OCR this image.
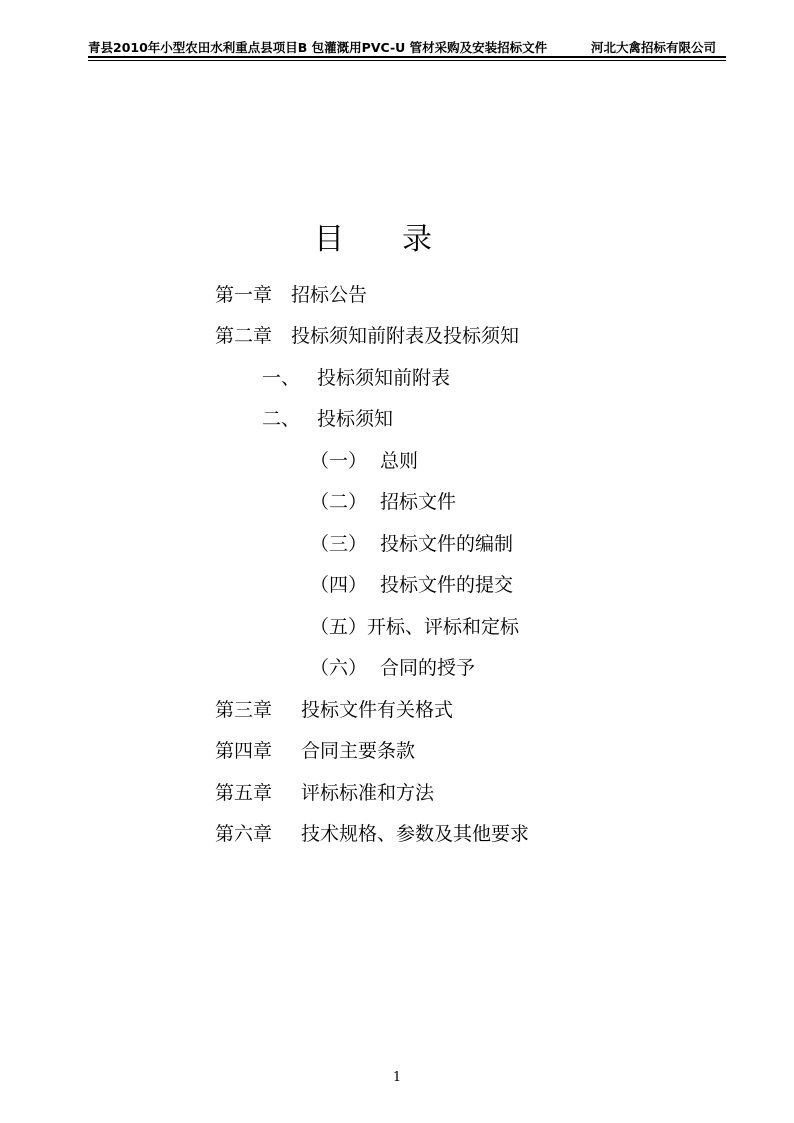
青县2010年小型农田水利重点县项目B 包灌溉用PVC-U 管材采购及安装招标文件	河北大禽招标有限公司
目录
第一章 招标公告
第二章 投标须知前附表及投标须知
一、 投标须知前附表
二、 投标须知
（一） 总则
（二） 招标文件
（三） 投标文件的编制
（四） 投标文件的提交
（五）开标、评标和定标
（六） 合同的授予
第三章 投标文件有关格式
第四章 合同主要条款
第五章 评标标准和方法
第六章 技术规格、参数及其他要求
1
